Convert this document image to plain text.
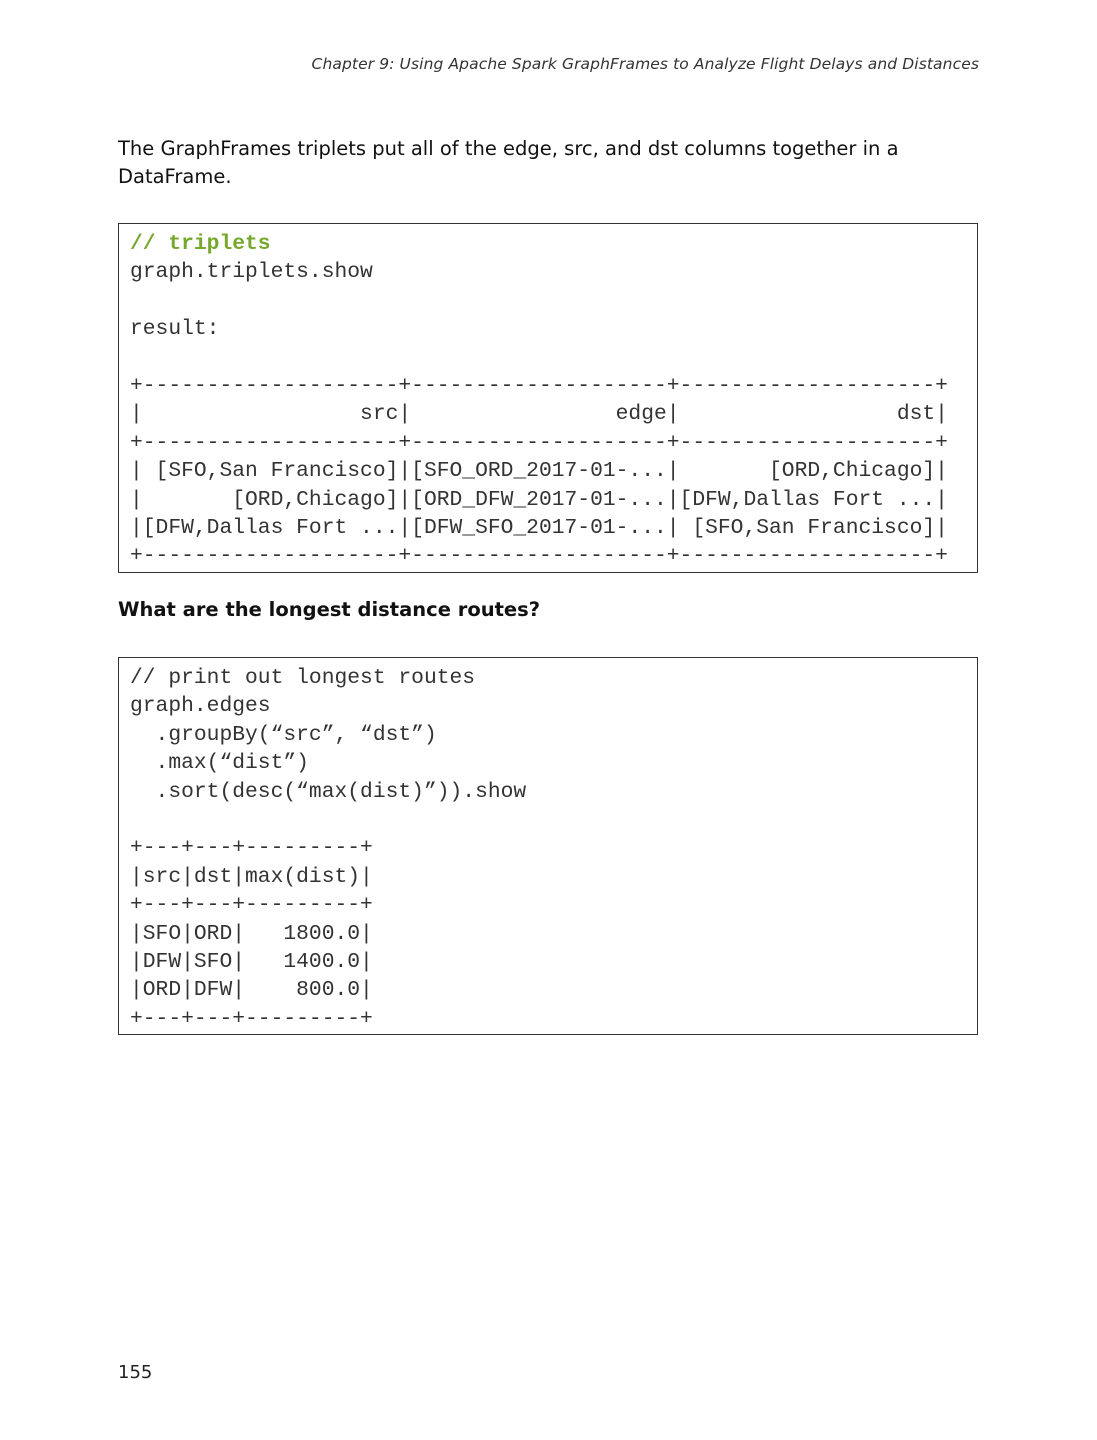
Chapter 9: Using Apache Spark GraphFrames to Analyze Flight Delays and Distances

The GraphFrames triplets put all of the edge, src, and dst columns together in a DataFrame.

// triplets
graph.triplets.show
result:
+--------------------+--------------------+--------------------+
|                 src|                edge|                 dst|
+--------------------+--------------------+--------------------+
| [SFO,San Francisco]|[SFO_ORD_2017-01-...|       [ORD,Chicago]|
|       [ORD,Chicago]|[ORD_DFW_2017-01-...|[DFW,Dallas Fort ...|
|[DFW,Dallas Fort ...|[DFW_SFO_2017-01-...| [SFO,San Francisco]|
+--------------------+--------------------+--------------------+
What are the longest distance routes?
// print out longest routes
graph.edges
.groupBy(“src”, “dst”)
.max(“dist”)
.sort(desc(“max(dist)”)).show
+---+---+---------+
|src|dst|max(dist)|
+---+---+---------+
|SFO|ORD|   1800.0|
|DFW|SFO|   1400.0|
|ORD|DFW|    800.0|
+---+---+---------+

155
